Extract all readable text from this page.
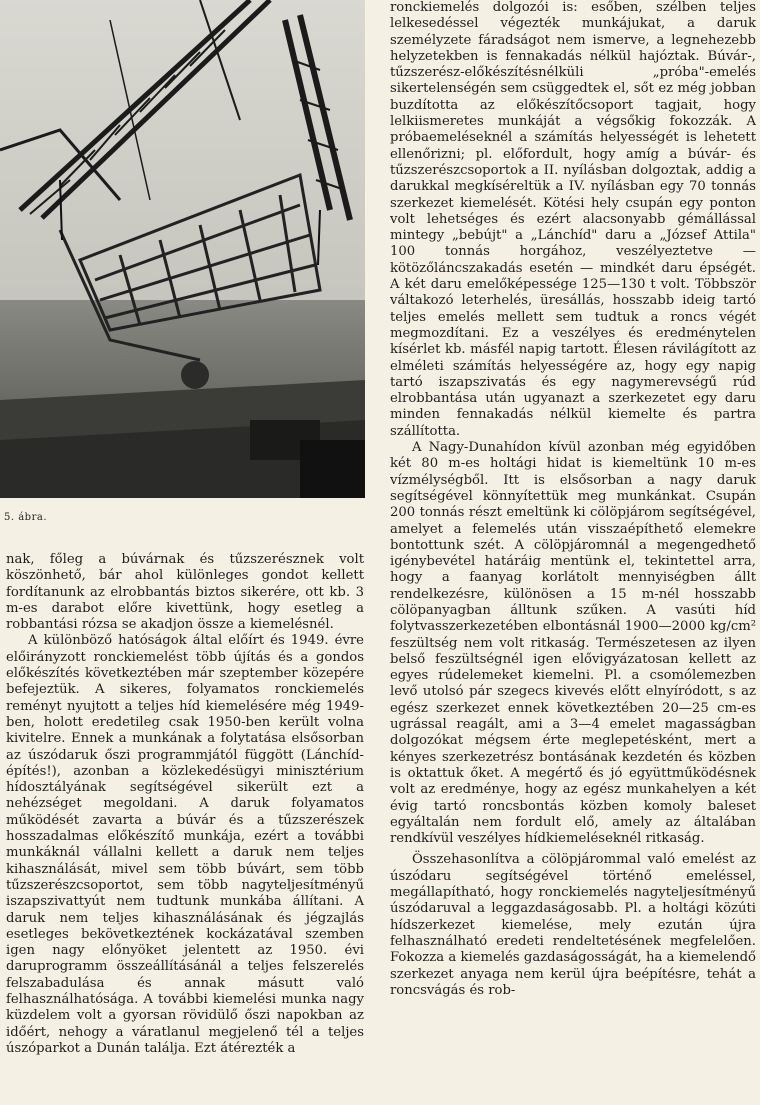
5. ábra.

nak, főleg a búvárnak és tűzszerésznek volt köszönhető, bár ahol különleges gondot kellett fordítanunk az elrobbantás biztos sikerére, ott kb. 3 m-es darabot előre kivettünk, hogy esetleg a robbantási rózsa se akadjon össze a kiemelésnél.

A különböző hatóságok által előírt és 1949. évre előirányzott ronckiemelést több újítás és a gondos előkészítés következtében már szeptember közepére befejeztük. A sikeres, folyamatos ronckiemelés reményt nyujtott a teljes híd kiemelésére még 1949-ben, holott eredetileg csak 1950-ben került volna kivitelre. Ennek a munkának a folytatása elsősorban az úszódaruk őszi programmjától függött (Lánchíd-építés!), azonban a közlekedésügyi minisztérium hídosztályának segítségével sikerült ezt a nehézséget megoldani. A daruk folyamatos működését zavarta a búvár és a tűzszerészek hosszadalmas előkészítő munkája, ezért a további munkáknál vállalni kellett a daruk nem teljes kihasználását, mivel sem több búvárt, sem több tűzszerészcsoportot, sem több nagyteljesítményű iszapszivattyút nem tudtunk munkába állítani. A daruk nem teljes kihasználásának és jégzajlás esetleges bekövetkeztének kockázatával szemben igen nagy előnyöket jelentett az 1950. évi daruprogramm összeállításánál a teljes felszerelés felszabadulása és annak másutt való felhasználhatósága. A további kiemelési munka nagy küzdelem volt a gyorsan rövidülő őszi napokban az időért, nehogy a váratlanul megjelenő tél a teljes úszóparkot a Dunán találja. Ezt átérezték a

ronckiemelés dolgozói is: esőben, szélben teljes lelkesedéssel végezték munkájukat, a daruk személyzete fáradságot nem ismerve, a legnehezebb helyzetekben is fennakadás nélkül hajóztak. Búvár-, tűzszerész-előkészítésnélküli „próba"-emelés sikertelenségén sem csüggedtek el, sőt ez még jobban buzdította az előkészítőcsoport tagjait, hogy lelkiismeretes munkáját a végsőkig fokozzák. A próbaemeléseknél a számítás helyességét is lehetett ellenőrizni; pl. előfordult, hogy amíg a búvár- és tűzszerészcsoportok a II. nyílásban dolgoztak, addig a darukkal megkíséreltük a IV. nyílásban egy 70 tonnás szerkezet kiemelését. Kötési hely csupán egy ponton volt lehetséges és ezért alacsonyabb gémállással mintegy „bebújt" a „Lánchíd" daru a „József Attila" 100 tonnás horgához, veszélyeztetve — kötözőláncszakadás esetén — mindkét daru épségét. A két daru emelőképessége 125—130 t volt. Többször váltakozó leterhelés, üresállás, hosszabb ideig tartó teljes emelés mellett sem tudtuk a roncs végét megmozdítani. Ez a veszélyes és eredménytelen kísérlet kb. másfél napig tartott. Élesen rávilágított az elméleti számítás helyességére az, hogy egy napig tartó iszapszivatás és egy nagymerevségű rúd elrobbantása után ugyanazt a szerkezetet egy daru minden fennakadás nélkül kiemelte és partra szállította.

A Nagy-Dunahídon kívül azonban még egyidőben két 80 m-es holtági hidat is kiemeltünk 10 m-es vízmélységből. Itt is elsősorban a nagy daruk segítségével könnyítettük meg munkánkat. Csupán 200 tonnás részt emeltünk ki cölöpjárom segítségével, amelyet a felemelés után visszaépíthető elemekre bontottunk szét. A cölöpjáromnál a megengedhető igénybevétel határáig mentünk el, tekintettel arra, hogy a faanyag korlátolt mennyiségben állt rendelkezésre, különösen a 15 m-nél hosszabb cölöpanyagban álltunk szűken. A vasúti híd folytvasszerkezetében elbontásnál 1900—2000 kg/cm² feszültség nem volt ritkaság. Természetesen az ilyen belső feszültségnél igen elővigyázatosan kellett az egyes rúdelemeket kiemelni. Pl. a csomólemezben levő utolsó pár szegecs kivevés előtt elnyíródott, s az egész szerkezet ennek következtében 20—25 cm-es ugrással reagált, ami a 3—4 emelet magasságban dolgozókat mégsem érte meglepetésként, mert a kényes szerkezetrész bontásának kezdetén és közben is oktattuk őket. A megértő és jó együttműködésnek volt az eredménye, hogy az egész munkahelyen a két évig tartó roncsbontás közben komoly baleset egyáltalán nem fordult elő, amely az általában rendkívül veszélyes hídkiemeléseknél ritkaság.

Összehasonlítva a cölöpjárommal való emelést az úszódaru segítségével történő emeléssel, megállapítható, hogy ronckiemelés nagyteljesítményű úszódaruval a leggazdaságosabb. Pl. a holtági közúti hídszerkezet kiemelése, mely ezután újra felhasználható eredeti rendeltetésének megfelelően. Fokozza a kiemelés gazdaságosságát, ha a kiemelendő szerkezet anyaga nem kerül újra beépítésre, tehát a roncsvágás és rob-
